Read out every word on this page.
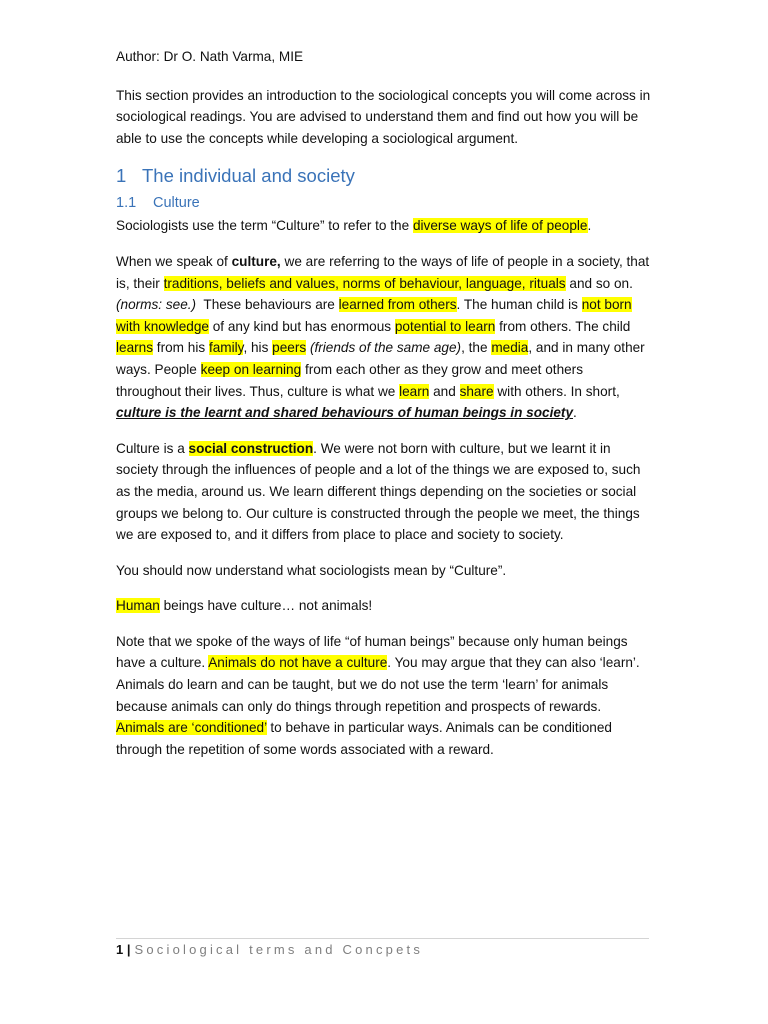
Author: Dr O. Nath Varma, MIE

This section provides an introduction to the sociological concepts you will come across in sociological readings. You are advised to understand them and find out how you will be able to use the concepts while developing a sociological argument.

1 The individual and society
1.1 Culture

Sociologists use the term “Culture” to refer to the diverse ways of life of people.

When we speak of culture, we are referring to the ways of life of people in a society, that is, their traditions, beliefs and values, norms of behaviour, language, rituals and so on. (norms: see.)  These behaviours are learned from others. The human child is not born with knowledge of any kind but has enormous potential to learn from others. The child learns from his family, his peers (friends of the same age), the media, and in many other ways. People keep on learning from each other as they grow and meet others throughout their lives. Thus, culture is what we learn and share with others. In short, culture is the learnt and shared behaviours of human beings in society.

Culture is a social construction. We were not born with culture, but we learnt it in society through the influences of people and a lot of the things we are exposed to, such as the media, around us. We learn different things depending on the societies or social groups we belong to. Our culture is constructed through the people we meet, the things we are exposed to, and it differs from place to place and society to society.

You should now understand what sociologists mean by “Culture”.

Human beings have culture… not animals!

Note that we spoke of the ways of life “of human beings” because only human beings have a culture. Animals do not have a culture. You may argue that they can also ‘learn’. Animals do learn and can be taught, but we do not use the term ‘learn’ for animals because animals can only do things through repetition and prospects of rewards.  Animals are ‘conditioned’ to behave in particular ways. Animals can be conditioned through the repetition of some words associated with a reward.

1 | Sociological terms and Concpets
